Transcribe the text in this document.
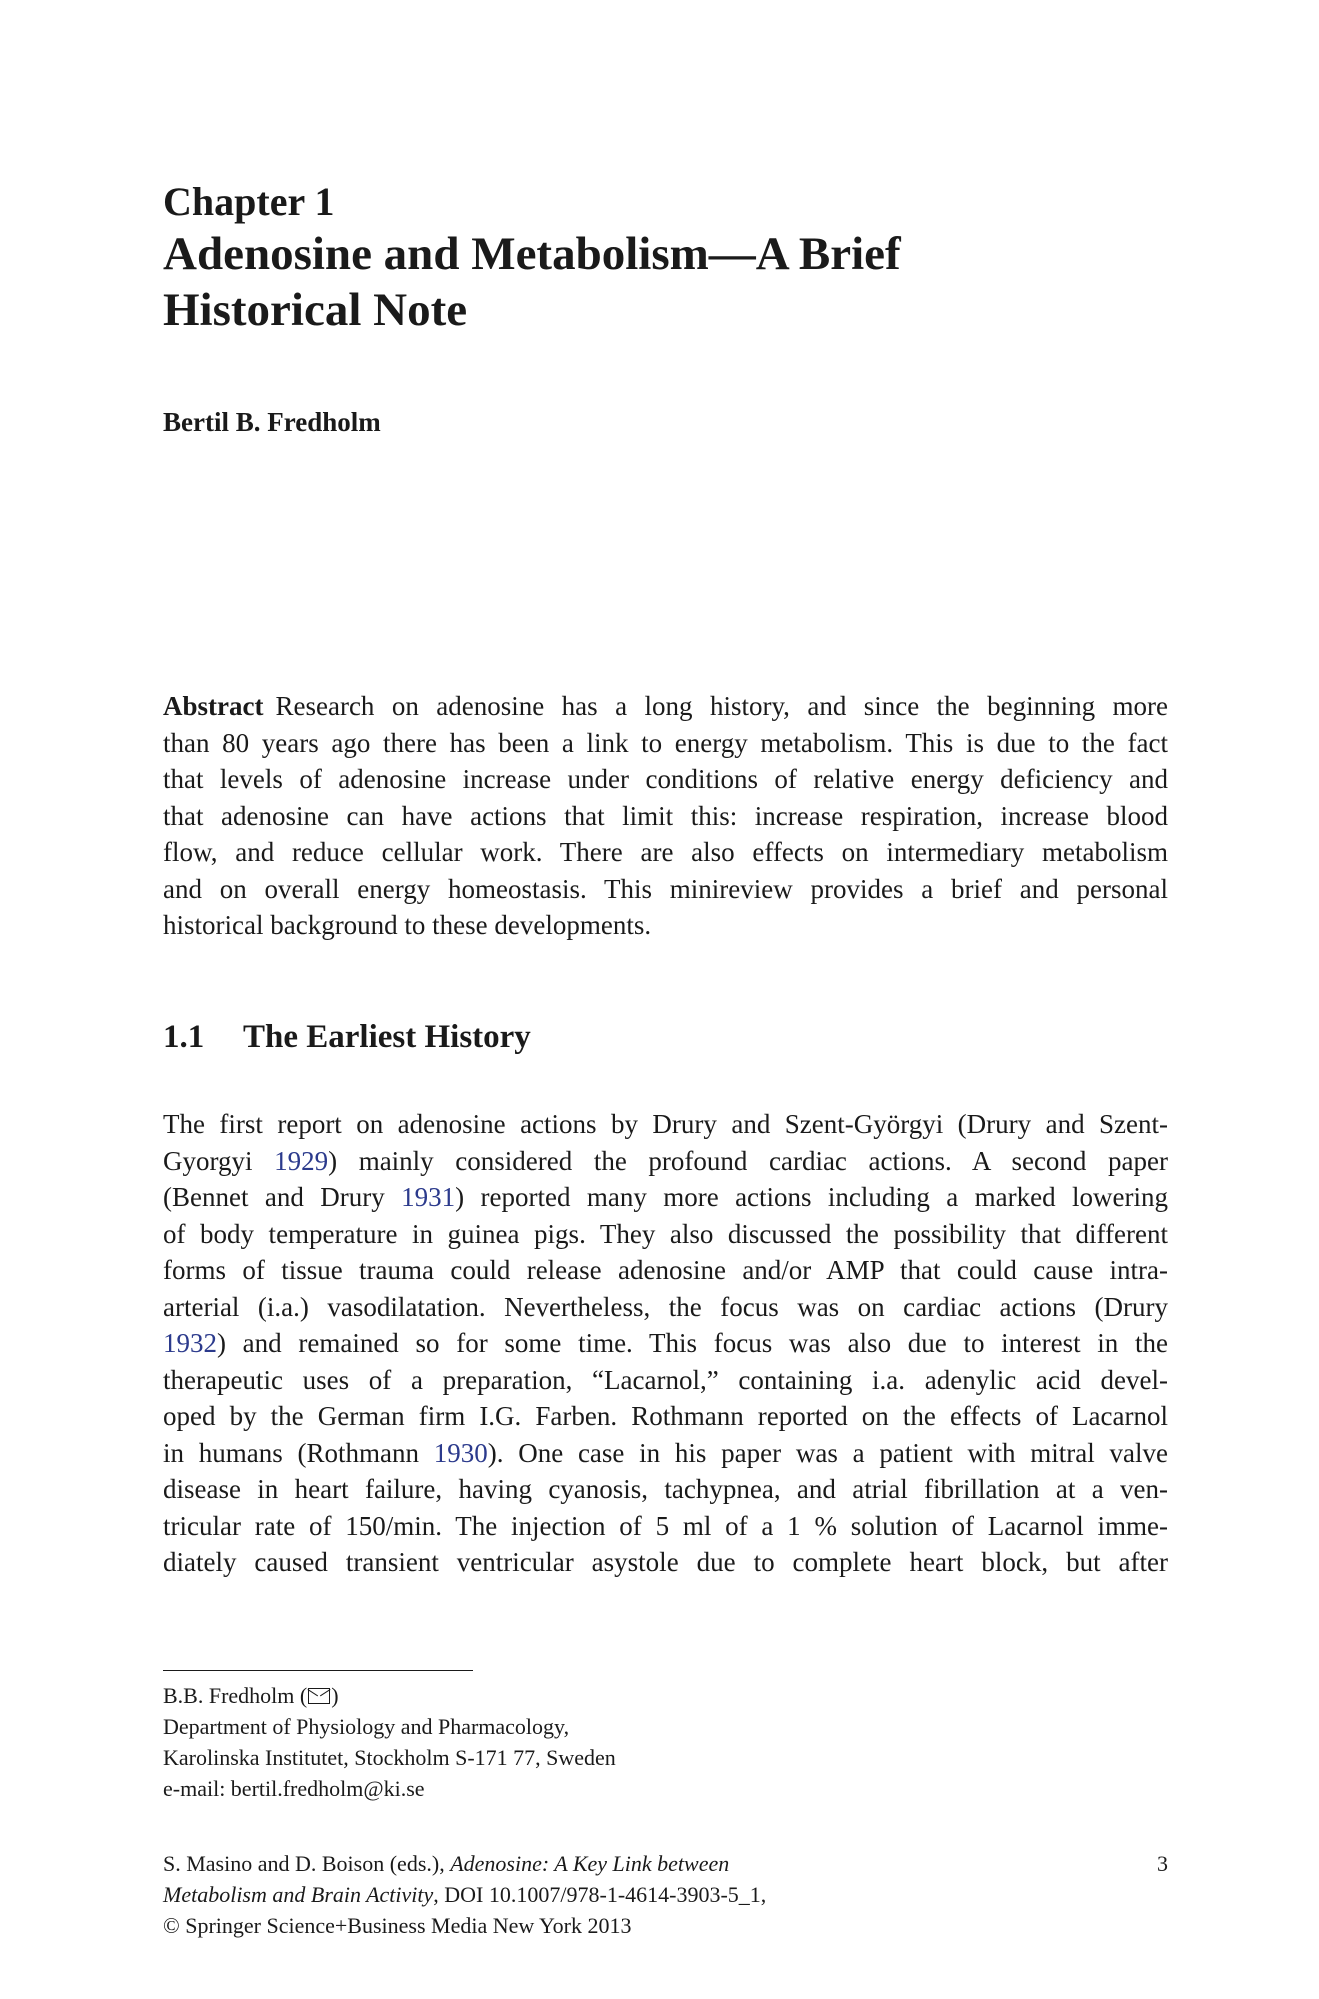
Chapter 1
Adenosine and Metabolism—A Brief
Historical Note
Bertil B. Fredholm
Abstract Research on adenosine has a long history, and since the beginning more
than 80 years ago there has been a link to energy metabolism. This is due to the fact
that levels of adenosine increase under conditions of relative energy deficiency and
that adenosine can have actions that limit this: increase respiration, increase blood
flow, and reduce cellular work. There are also effects on intermediary metabolism
and on overall energy homeostasis. This minireview provides a brief and personal
historical background to these developments.
1.1 The Earliest History
The first report on adenosine actions by Drury and Szent-Györgyi (Drury and Szent-
Gyorgyi 1929) mainly considered the profound cardiac actions. A second paper
(Bennet and Drury 1931) reported many more actions including a marked lowering
of body temperature in guinea pigs. They also discussed the possibility that different
forms of tissue trauma could release adenosine and/or AMP that could cause intra-
arterial (i.a.) vasodilatation. Nevertheless, the focus was on cardiac actions (Drury
1932) and remained so for some time. This focus was also due to interest in the
therapeutic uses of a preparation, “Lacarnol,” containing i.a. adenylic acid devel-
oped by the German firm I.G. Farben. Rothmann reported on the effects of Lacarnol
in humans (Rothmann 1930). One case in his paper was a patient with mitral valve
disease in heart failure, having cyanosis, tachypnea, and atrial fibrillation at a ven-
tricular rate of 150/min. The injection of 5 ml of a 1 % solution of Lacarnol imme-
diately caused transient ventricular asystole due to complete heart block, but after
B.B. Fredholm ( )
Department of Physiology and Pharmacology,
Karolinska Institutet, Stockholm S-171 77, Sweden
e-mail: bertil.fredholm@ki.se
S. Masino and D. Boison (eds.), Adenosine: A Key Link between
Metabolism and Brain Activity, DOI 10.1007/978-1-4614-3903-5_1,
© Springer Science+Business Media New York 2013
3
